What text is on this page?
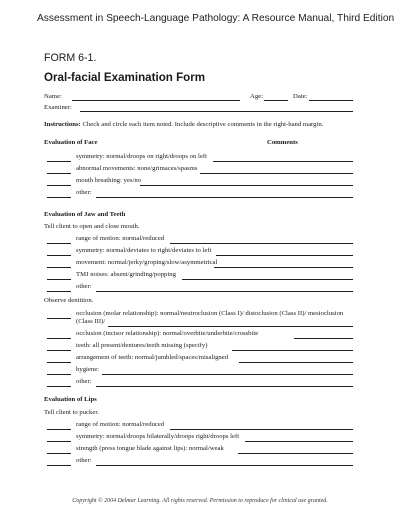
Assessment in Speech-Language Pathology: A Resource Manual, Third Edition
FORM 6-1.
Oral-facial Examination Form
Name:	Age:	Date:
Examiner:
Instructions: Check and circle each item noted. Include descriptive comments in the right-hand margin.
Evaluation of Face	Comments
symmetry: normal/droops on right/droops on left
abnormal movements: none/grimaces/spasms
mouth breathing: yes/no
other:
Evaluation of Jaw and Teeth
Tell client to open and close mouth.
range of motion: normal/reduced
symmetry: normal/deviates to right/deviates to left
movement: normal/jerky/groping/slow/asymmetrical
TMJ noises: absent/grinding/popping
other:
Observe dentition.
occlusion (molar relationship): normal/neutroclusion (Class I)/ distoclusion (Class II)/ mesioclusion
(Class III)/
occlusion (incisor relationship): normal/overbite/underbite/crossbite
teeth: all present/dentures/teeth missing (specify)
arrangement of teeth: normal/jumbled/spaces/misaligned
hygiene:
other:
Evaluation of Lips
Tell client to pucker.
range of motion: normal/reduced
symmetry: normal/droops bilaterally/droops right/droops left
strength (press tongue blade against lips): normal/weak
other:
Copyright © 2004 Delmar Learning. All rights reserved. Permission to reproduce for clinical use granted.
